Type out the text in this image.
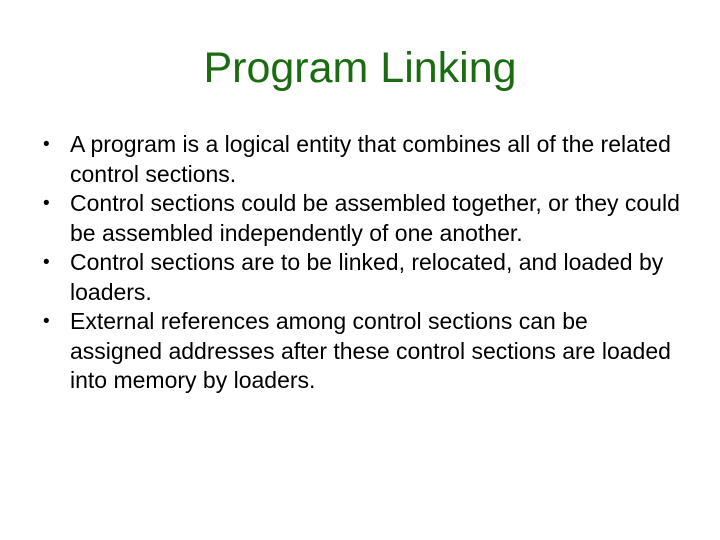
Program Linking
• A program is a logical entity that combines all of the related control sections.
• Control sections could be assembled together, or they could be assembled independently of one another.
• Control sections are to be linked, relocated, and loaded by loaders.
• External references among control sections can be assigned addresses after these control sections are loaded into memory by loaders.
